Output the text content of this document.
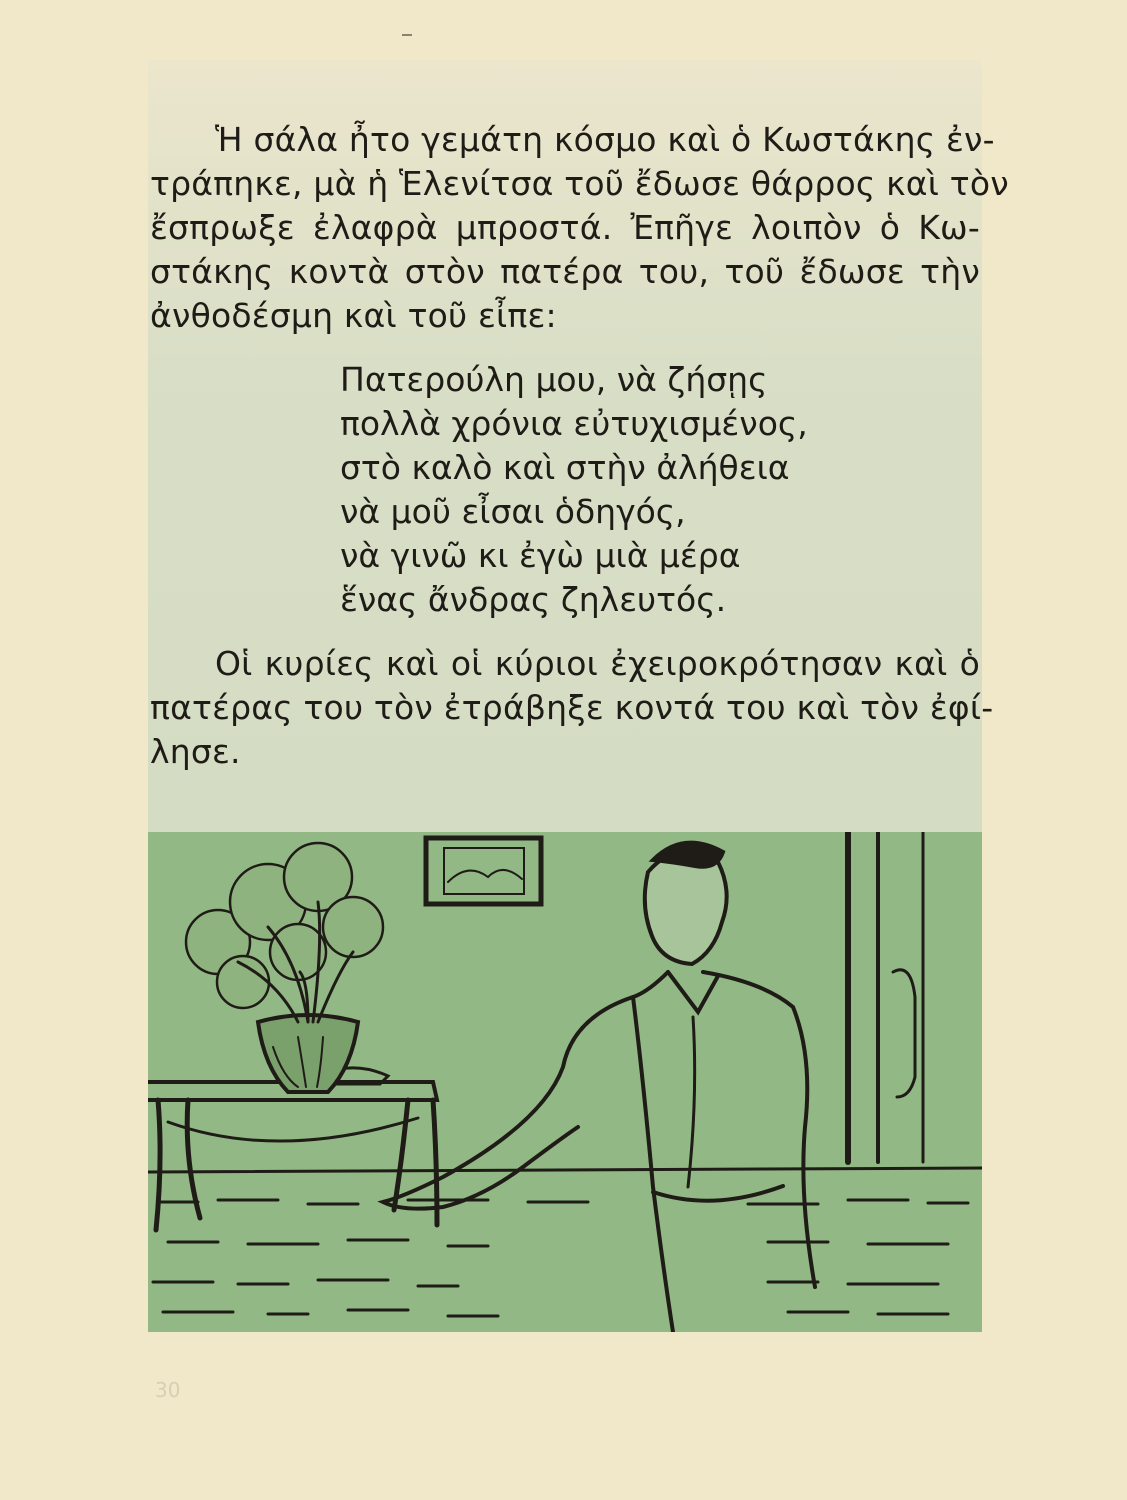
Ἡ σάλα ἦτο γεμάτη κόσμο καὶ ὁ Κωστάκης ἐν-
τράπηκε, μὰ ἡ Ἑλενίτσα τοῦ ἔδωσε θάρρος καὶ τὸν
ἔσπρωξε ἐλαφρὰ μπροστά. Ἐπῆγε λοιπὸν ὁ Κω-
στάκης κοντὰ στὸν πατέρα του, τοῦ ἔδωσε τὴν
ἀνθοδέσμη καὶ τοῦ εἶπε:
Πατερούλη μου, νὰ ζήσῃς
πολλὰ χρόνια εὐτυχισμένος,
στὸ καλὸ καὶ στὴν ἀλήθεια
νὰ μοῦ εἶσαι ὁδηγός,
νὰ γινῶ κι ἐγὼ μιὰ μέρα
ἕνας ἄνδρας ζηλευτός.
Οἱ κυρίες καὶ οἱ κύριοι ἐχειροκρότησαν καὶ ὁ
πατέρας του τὸν ἐτράβηξε κοντά του καὶ τὸν ἐφί-
λησε.
30
